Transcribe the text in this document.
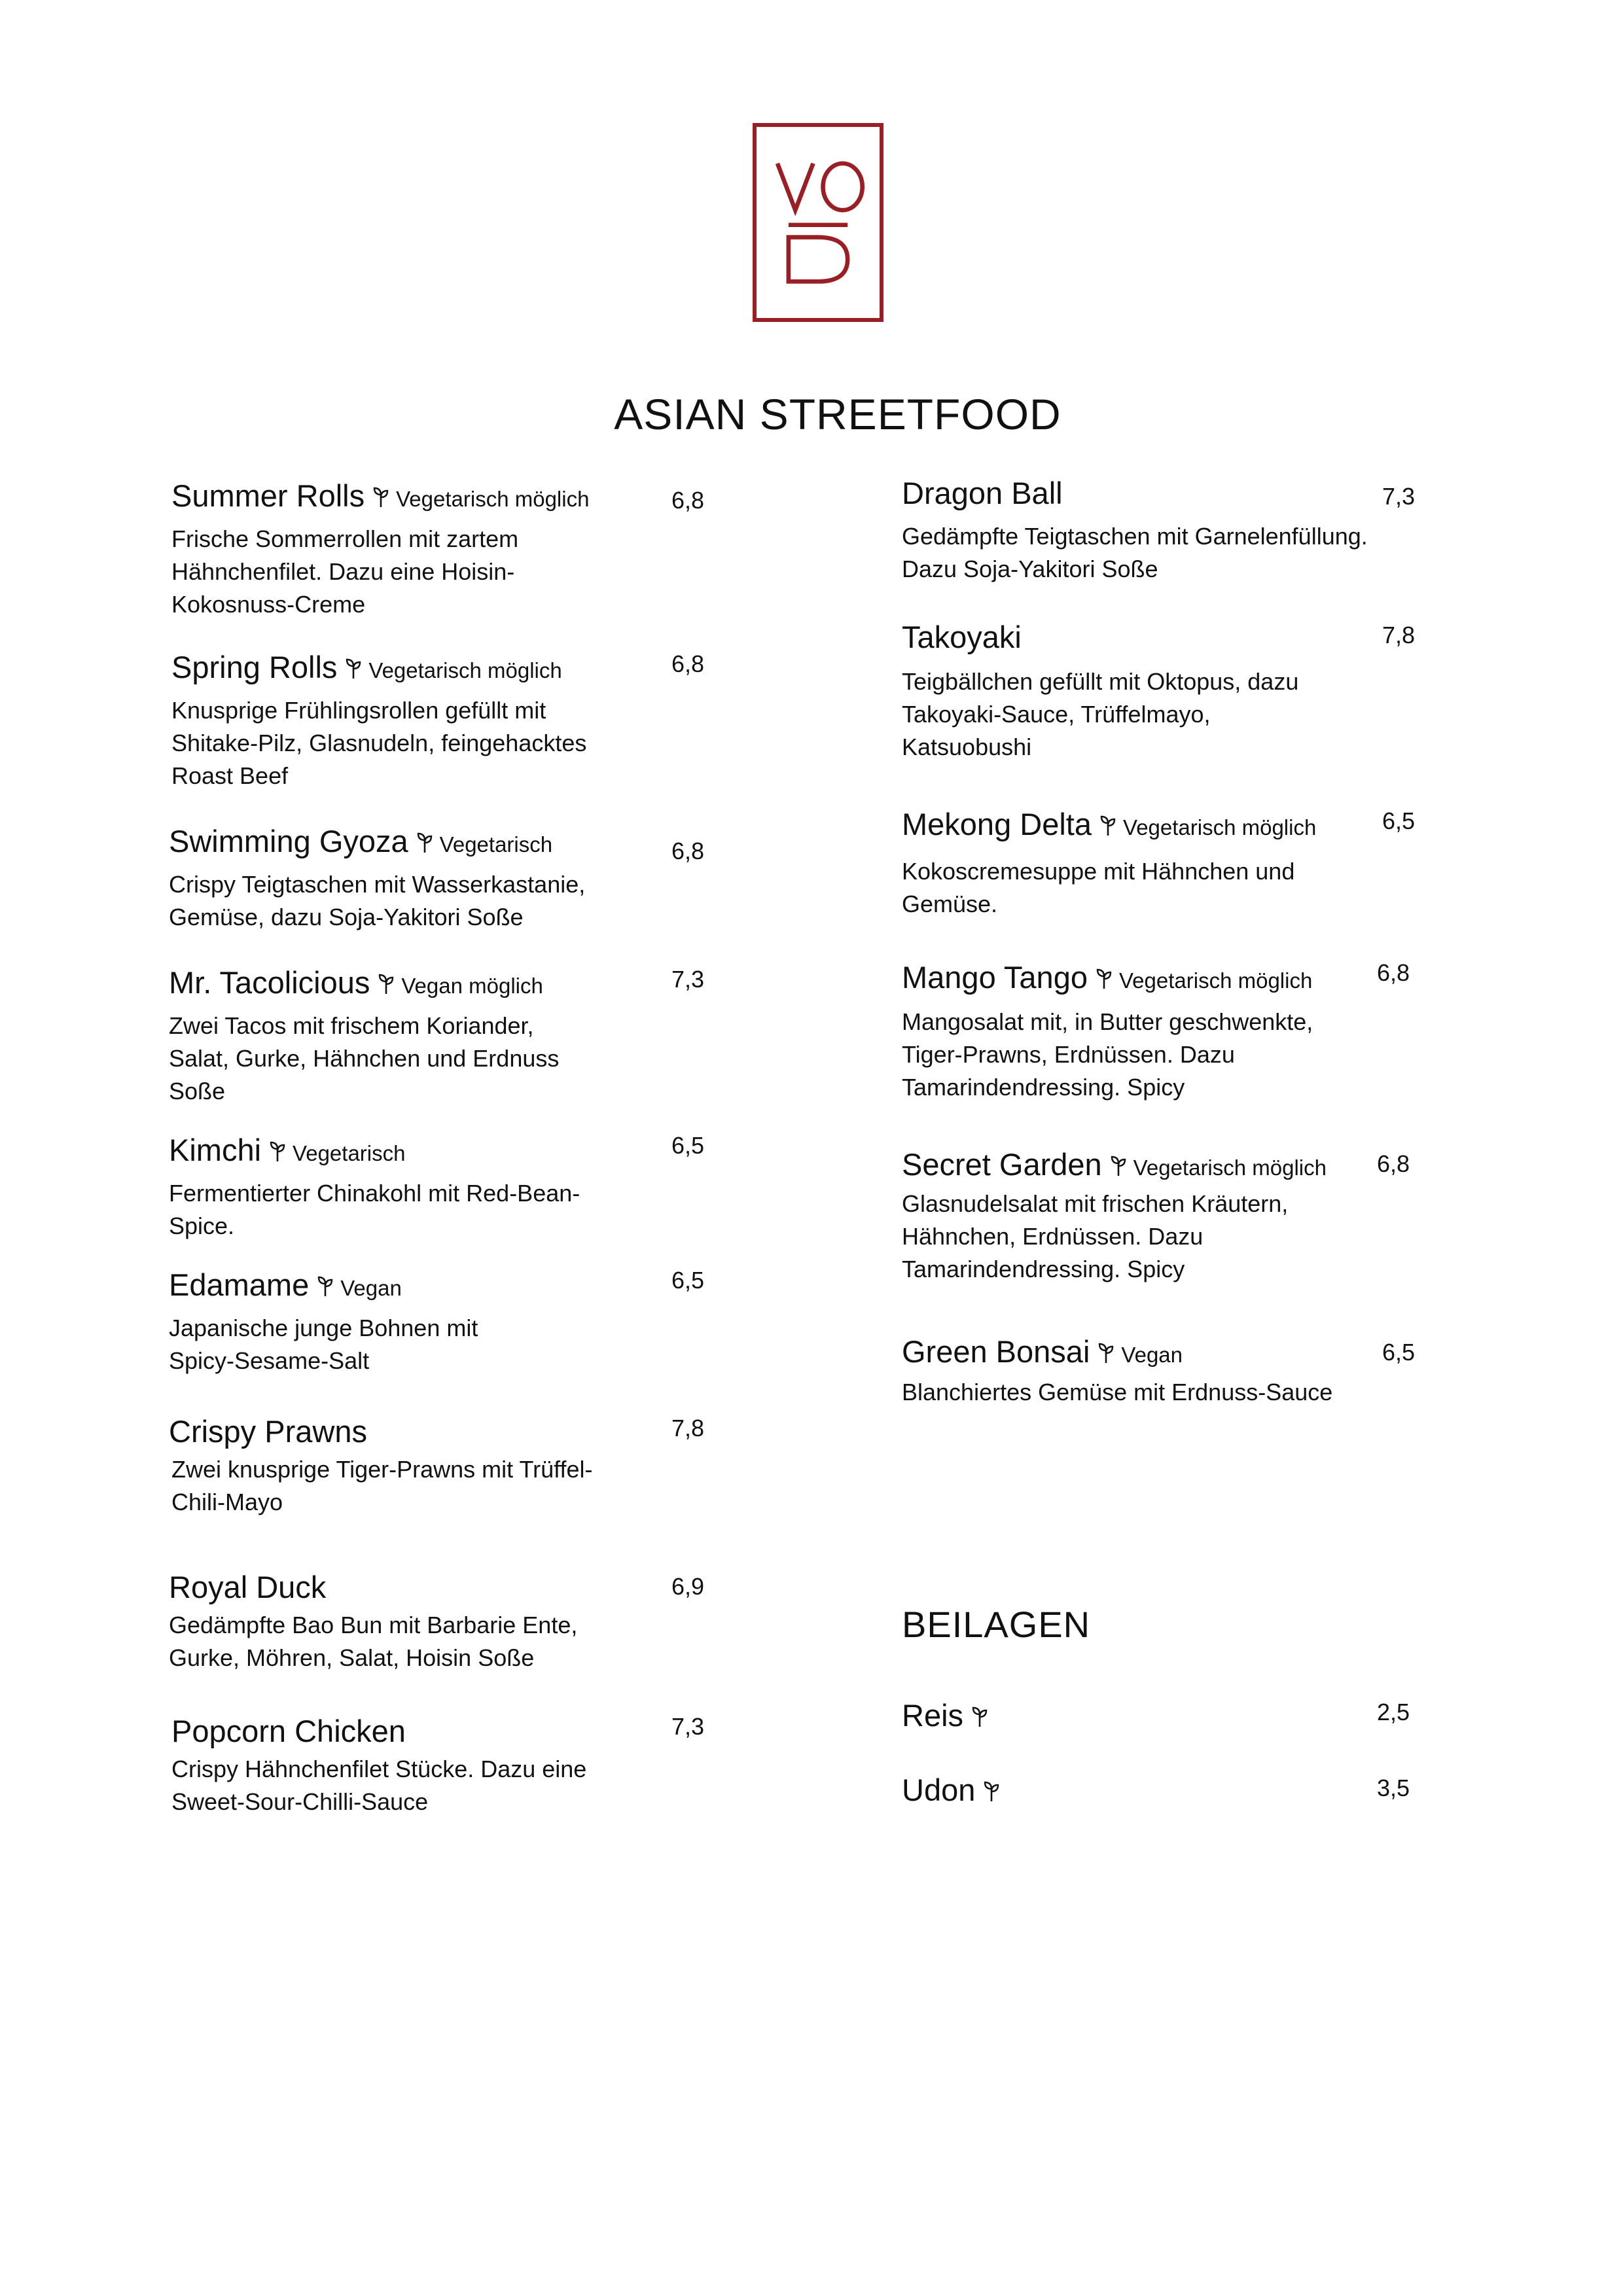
ASIAN STREETFOOD
Summer Rolls Vegetarisch möglich
Frische Sommerrollen mit zartem
Hähnchenfilet. Dazu eine Hoisin-
Kokosnuss-Creme
6,8
Spring Rolls Vegetarisch möglich
Knusprige Frühlingsrollen gefüllt mit
Shitake-Pilz, Glasnudeln, feingehacktes
Roast Beef
6,8
Swimming Gyoza Vegetarisch
Crispy Teigtaschen mit Wasserkastanie,
Gemüse, dazu Soja-Yakitori Soße
6,8
Mr. Tacolicious Vegan möglich
Zwei Tacos mit frischem Koriander,
Salat, Gurke, Hähnchen und Erdnuss
Soße
7,3
Kimchi Vegetarisch
Fermentierter Chinakohl mit Red-Bean-
Spice.
6,5
Edamame Vegan
Japanische junge Bohnen mit
Spicy-Sesame-Salt
6,5
Crispy Prawns
Zwei knusprige Tiger-Prawns mit Trüffel-
Chili-Mayo
7,8
Royal Duck
Gedämpfte Bao Bun mit Barbarie Ente,
Gurke, Möhren, Salat, Hoisin Soße
6,9
Popcorn Chicken
Crispy Hähnchenfilet Stücke. Dazu eine
Sweet-Sour-Chilli-Sauce
7,3
Dragon Ball
Gedämpfte Teigtaschen mit Garnelenfüllung.
Dazu Soja-Yakitori Soße
7,3
Takoyaki
Teigbällchen gefüllt mit Oktopus, dazu
Takoyaki-Sauce, Trüffelmayo,
Katsuobushi
7,8
Mekong Delta Vegetarisch möglich
Kokoscremesuppe mit Hähnchen und
Gemüse.
6,5
Mango Tango Vegetarisch möglich
Mangosalat mit, in Butter geschwenkte,
Tiger-Prawns, Erdnüssen. Dazu
Tamarindendressing. Spicy
6,8
Secret Garden Vegetarisch möglich
Glasnudelsalat mit frischen Kräutern,
Hähnchen, Erdnüssen. Dazu
Tamarindendressing. Spicy
6,8
Green Bonsai Vegan
Blanchiertes Gemüse mit Erdnuss-Sauce
6,5
BEILAGEN
Reis	2,5
Udon	3,5
